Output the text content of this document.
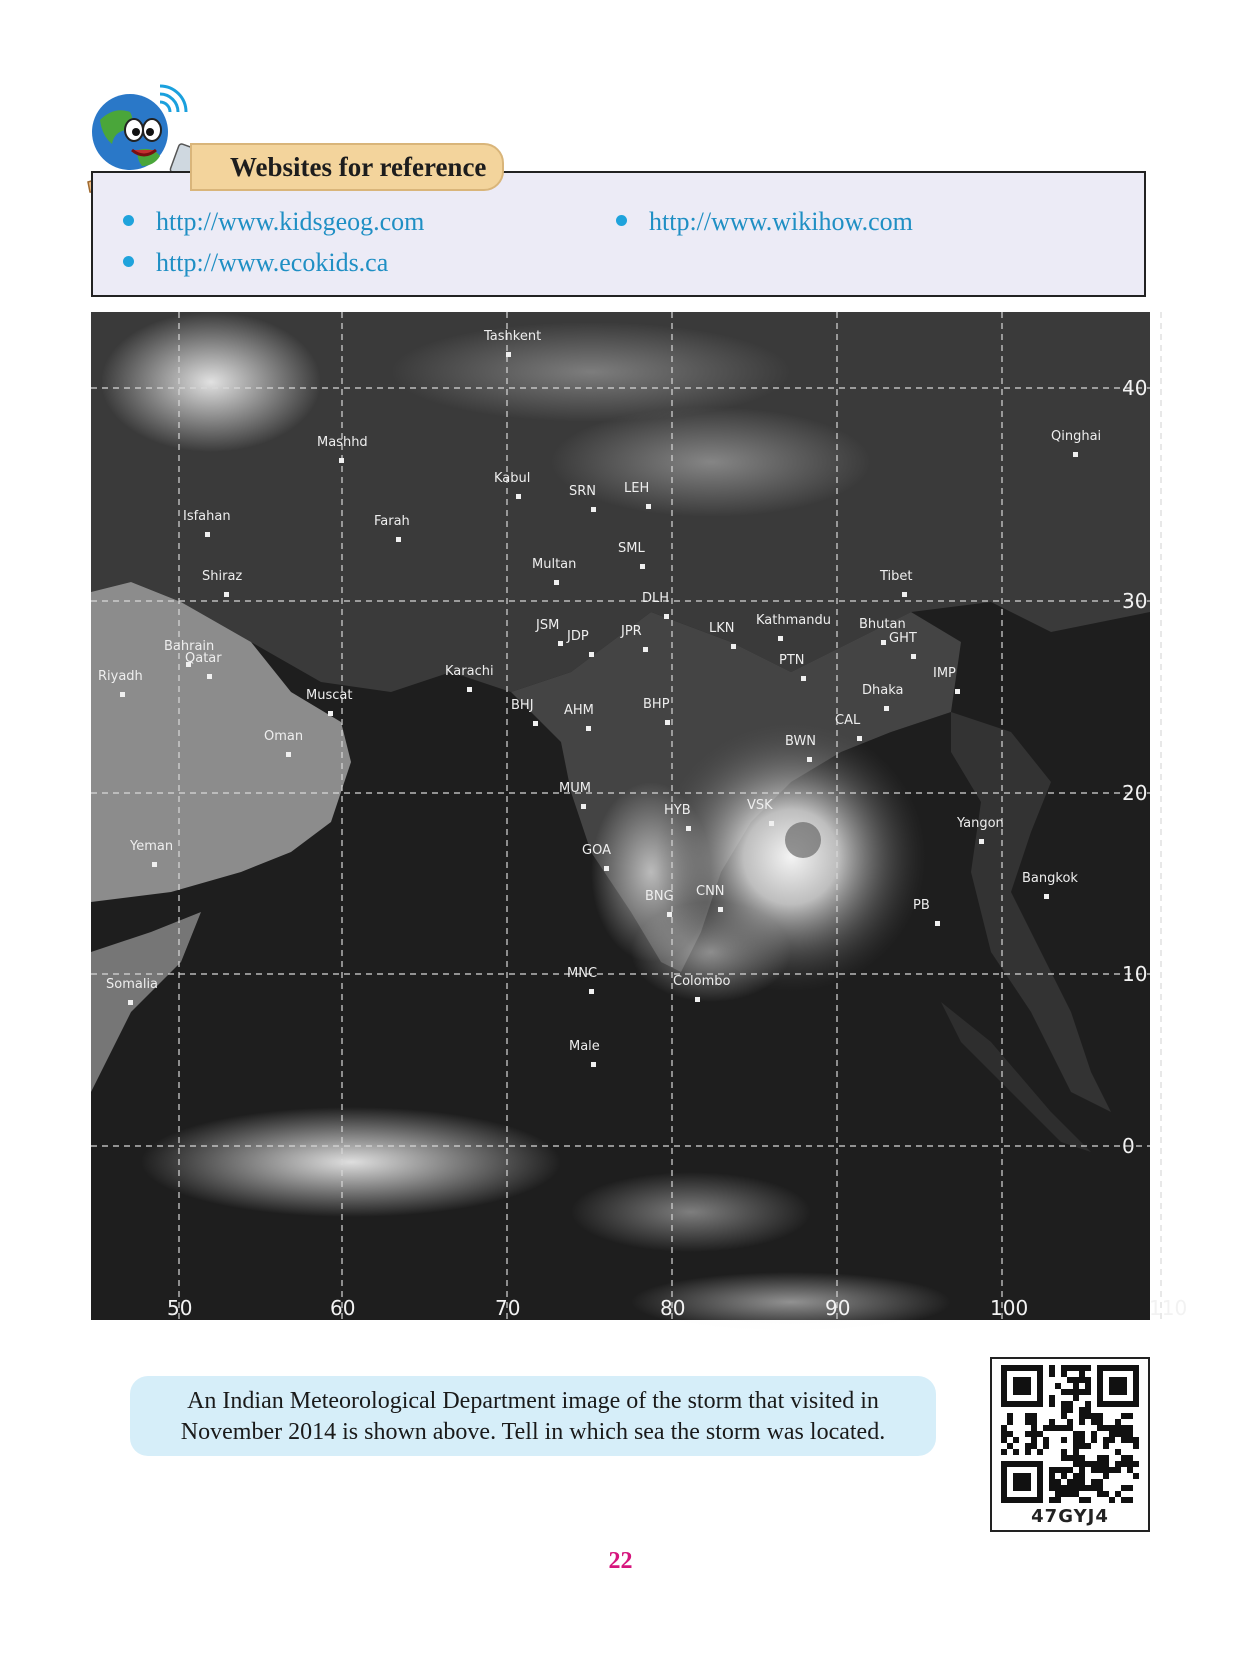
http://www.kidsgeog.com
http://www.ecokids.ca
http://www.wikihow.com
Websites for reference
50	60	70	80	90	100	110
40
30
20
10
0
Tashkent
Mashhd
Kabul
LEH
SRN
Isfahan	Farah
SML
Multan
Shiraz
DLH
Tibet
Qinghai
Kathmandu Bhutan
JSM
JDP JPR	LKN
GHT
PTN
IMP
Bahrain
Qatar
Riyadh	Karachi
Muscat
BHJ AHM	BHP
Dhaka
CAL
Oman	BWN
MUM
HYB	VSK
Yangon
Yeman	GOA
BNG CNN
Bangkok
PB
MNC
Colombo
Somalia
Male
An Indian Meteorological Department image of the storm that visited in November 2014 is shown above. Tell in which sea the storm was located.
47GYJ4
22
